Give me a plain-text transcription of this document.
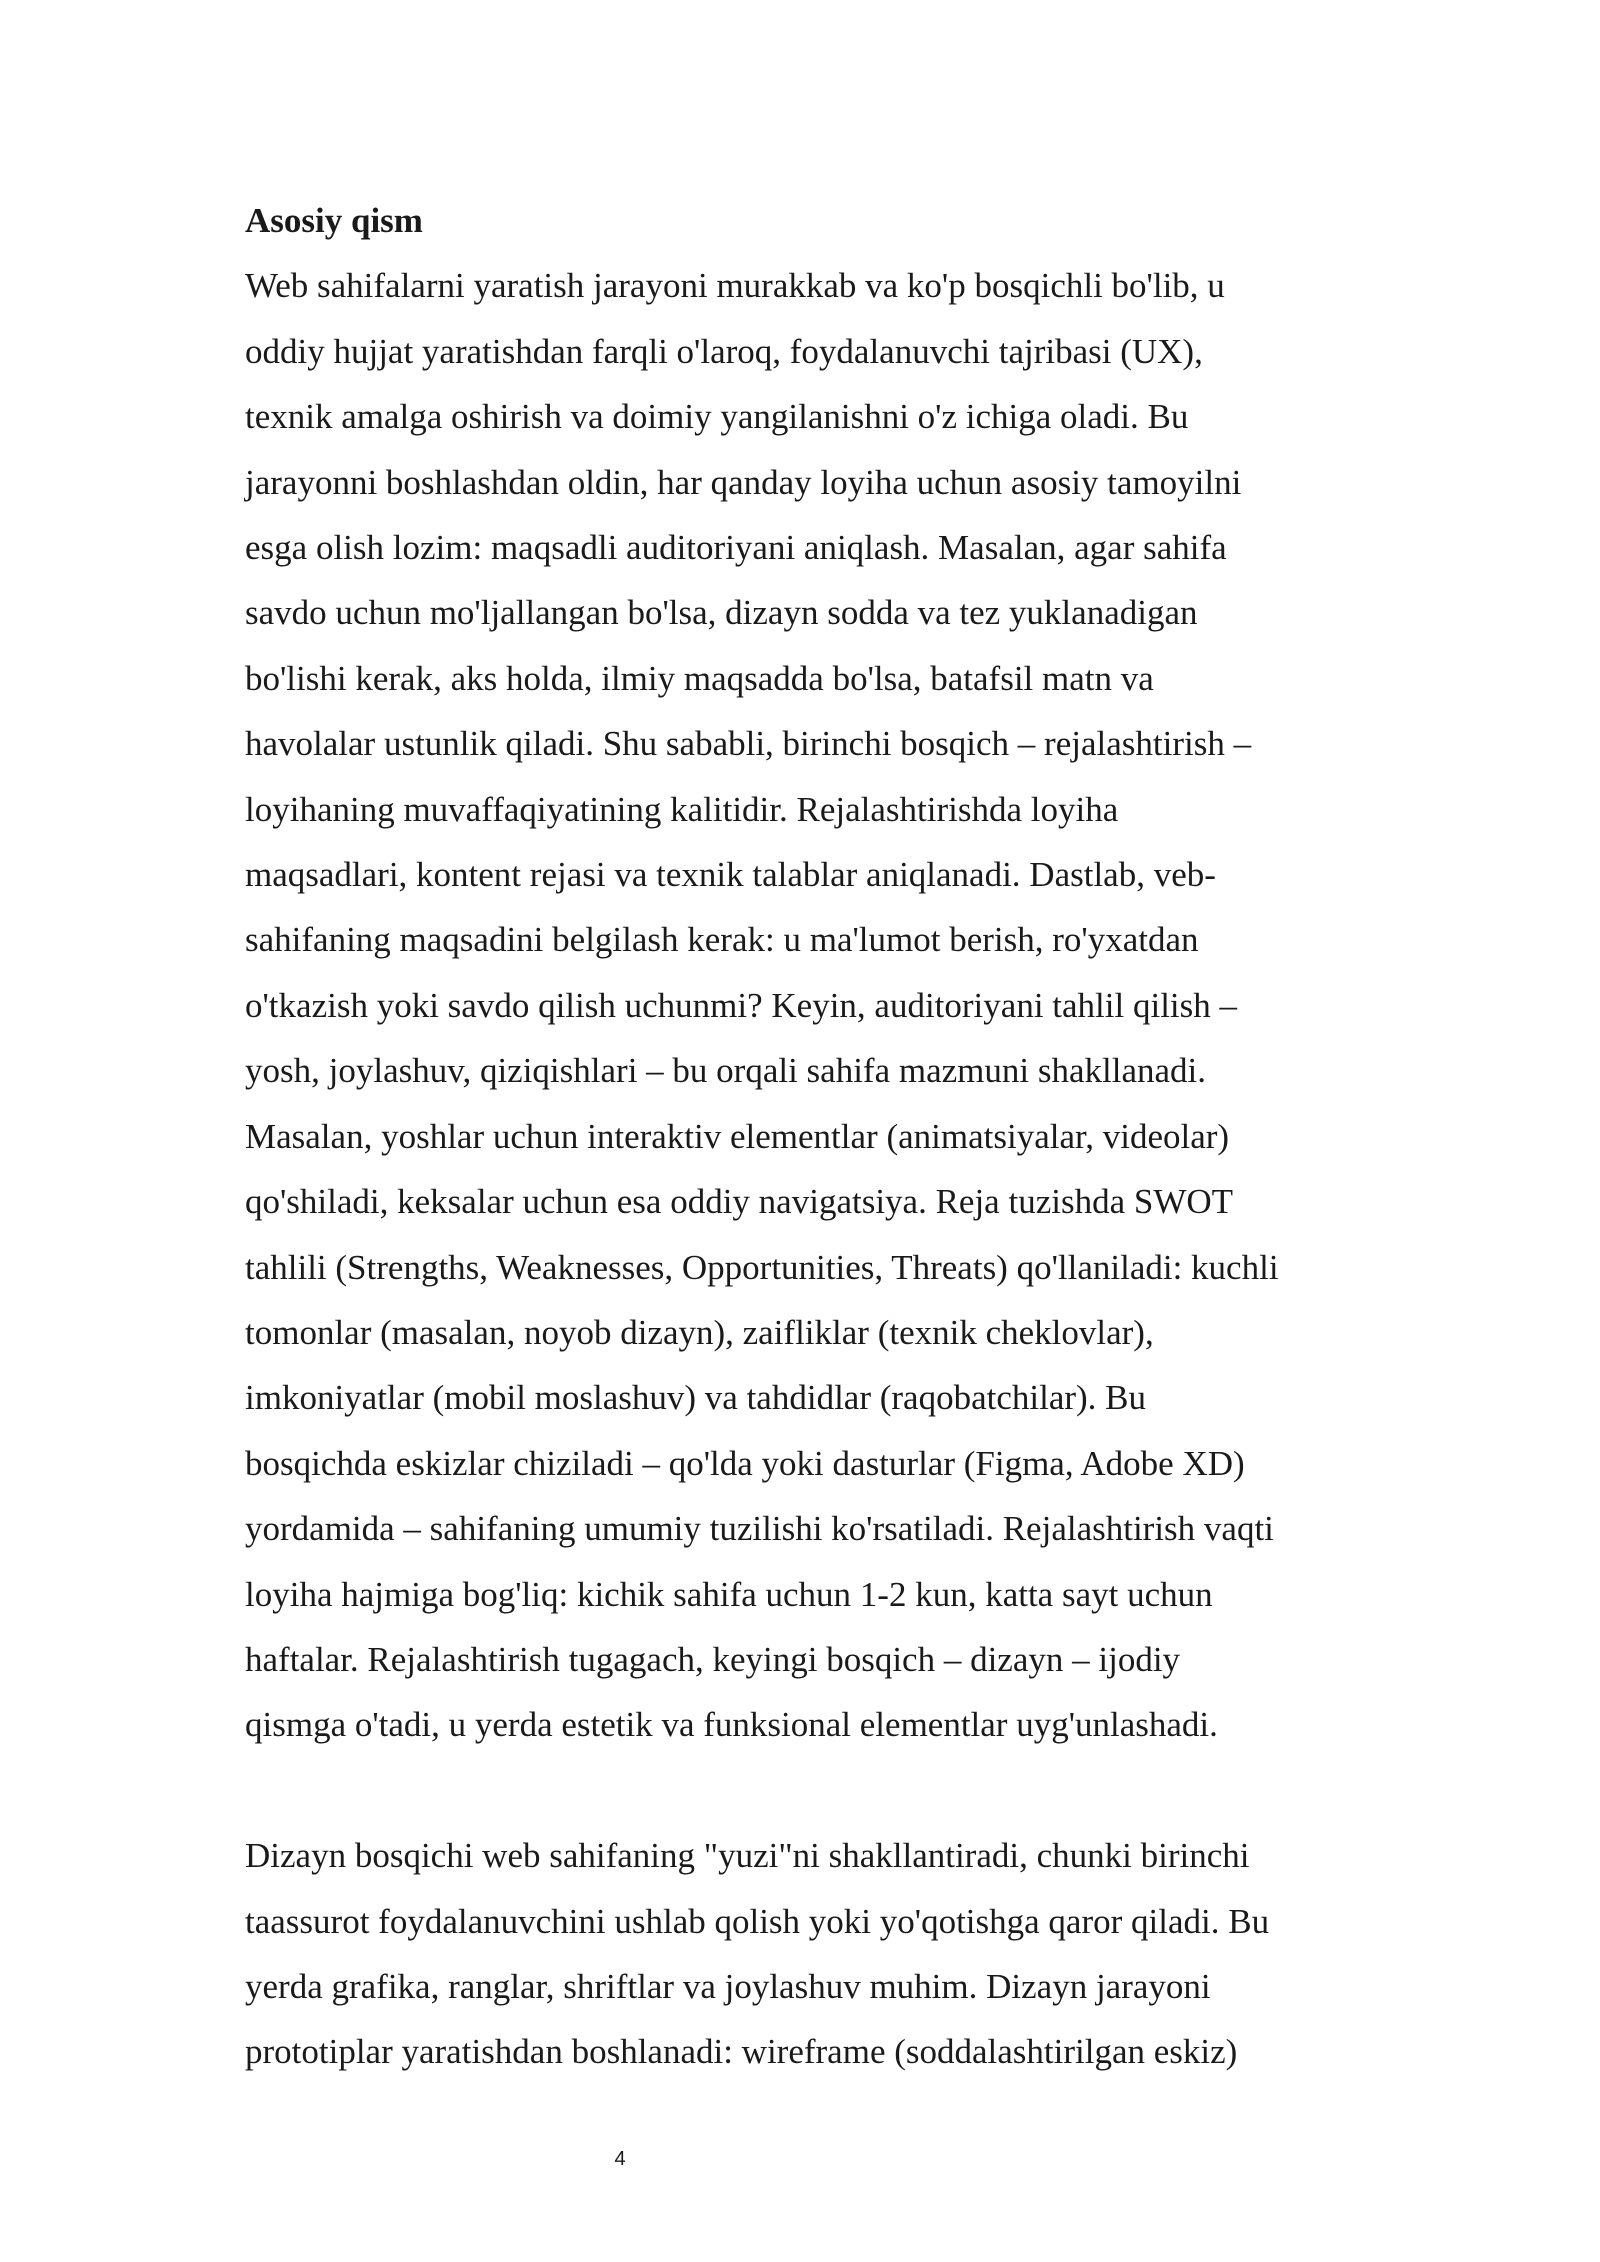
Asosiy qism

Web sahifalarni yaratish jarayoni murakkab va ko'p bosqichli bo'lib, u
oddiy hujjat yaratishdan farqli o'laroq, foydalanuvchi tajribasi (UX),
texnik amalga oshirish va doimiy yangilanishni o'z ichiga oladi. Bu
jarayonni boshlashdan oldin, har qanday loyiha uchun asosiy tamoyilni
esga olish lozim: maqsadli auditoriyani aniqlash. Masalan, agar sahifa
savdo uchun mo'ljallangan bo'lsa, dizayn sodda va tez yuklanadigan
bo'lishi kerak, aks holda, ilmiy maqsadda bo'lsa, batafsil matn va
havolalar ustunlik qiladi. Shu sababli, birinchi bosqich – rejalashtirish –
loyihaning muvaffaqiyatining kalitidir. Rejalashtirishda loyiha
maqsadlari, kontent rejasi va texnik talablar aniqlanadi. Dastlab, veb-
sahifaning maqsadini belgilash kerak: u ma'lumot berish, ro'yxatdan
o'tkazish yoki savdo qilish uchunmi? Keyin, auditoriyani tahlil qilish –
yosh, joylashuv, qiziqishlari – bu orqali sahifa mazmuni shakllanadi.
Masalan, yoshlar uchun interaktiv elementlar (animatsiyalar, videolar)
qo'shiladi, keksalar uchun esa oddiy navigatsiya. Reja tuzishda SWOT
tahlili (Strengths, Weaknesses, Opportunities, Threats) qo'llaniladi: kuchli
tomonlar (masalan, noyob dizayn), zaifliklar (texnik cheklovlar),
imkoniyatlar (mobil moslashuv) va tahdidlar (raqobatchilar). Bu
bosqichda eskizlar chiziladi – qo'lda yoki dasturlar (Figma, Adobe XD)
yordamida – sahifaning umumiy tuzilishi ko'rsatiladi. Rejalashtirish vaqti
loyiha hajmiga bog'liq: kichik sahifa uchun 1-2 kun, katta sayt uchun
haftalar. Rejalashtirish tugagach, keyingi bosqich – dizayn – ijodiy
qismga o'tadi, u yerda estetik va funksional elementlar uyg'unlashadi.

Dizayn bosqichi web sahifaning "yuzi"ni shakllantiradi, chunki birinchi
taassurot foydalanuvchini ushlab qolish yoki yo'qotishga qaror qiladi. Bu
yerda grafika, ranglar, shriftlar va joylashuv muhim. Dizayn jarayoni
prototiplar yaratishdan boshlanadi: wireframe (soddalashtirilgan eskiz)

4
